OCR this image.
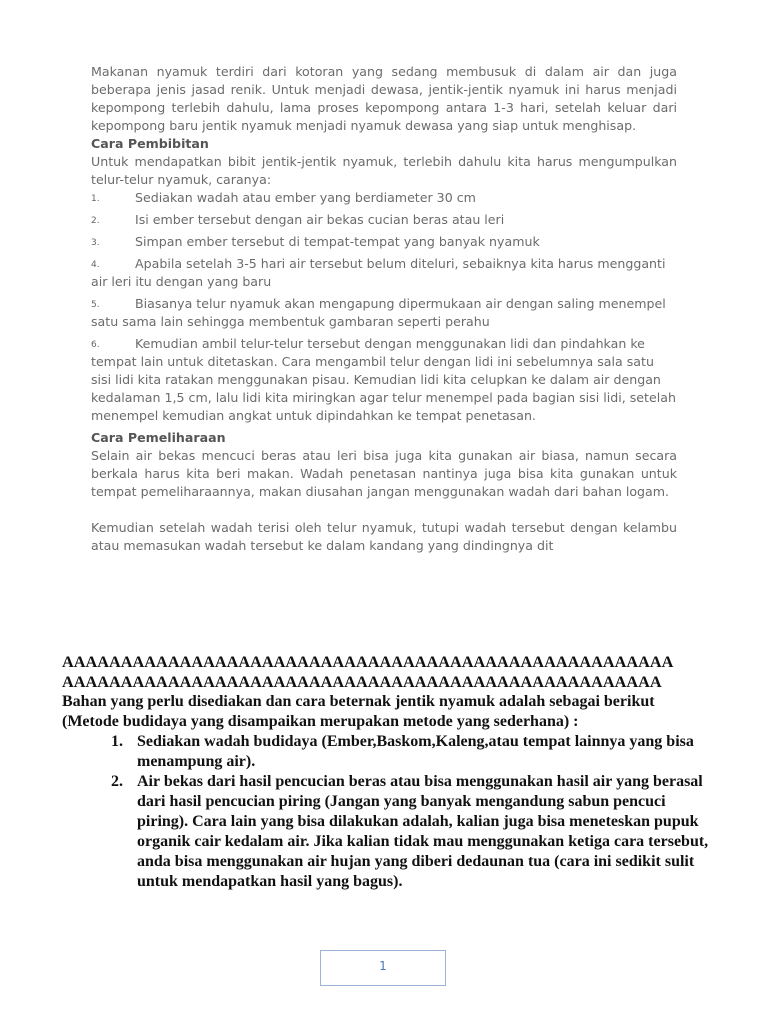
Makanan nyamuk terdiri dari kotoran yang sedang membusuk di dalam air dan juga beberapa jenis jasad renik. Untuk menjadi dewasa, jentik-jentik nyamuk ini harus menjadi kepompong terlebih dahulu, lama proses kepompong antara 1-3 hari, setelah keluar dari kepompong baru jentik nyamuk menjadi nyamuk dewasa yang siap untuk menghisap.

Cara Pembibitan

Untuk mendapatkan bibit jentik-jentik nyamuk, terlebih dahulu kita harus mengumpulkan telur-telur nyamuk, caranya:

1.	Sediakan wadah atau ember yang berdiameter 30 cm
2.	Isi ember tersebut dengan air bekas cucian beras atau leri
3.	Simpan ember tersebut di tempat-tempat yang banyak nyamuk
4.	Apabila setelah 3-5 hari air tersebut belum diteluri, sebaiknya kita harus mengganti air leri itu dengan yang baru
5.	Biasanya telur nyamuk akan mengapung dipermukaan air dengan saling menempel satu sama lain sehingga membentuk gambaran seperti perahu
6.	Kemudian ambil telur-telur tersebut dengan menggunakan lidi dan pindahkan ke tempat lain untuk ditetaskan. Cara mengambil telur dengan lidi ini sebelumnya sala satu sisi lidi kita ratakan menggunakan pisau. Kemudian lidi kita celupkan ke dalam air dengan kedalaman 1,5 cm, lalu lidi kita miringkan agar telur menempel pada bagian sisi lidi, setelah menempel kemudian angkat untuk dipindahkan ke tempat penetasan.

Cara Pemeliharaan

Selain air bekas mencuci beras atau leri bisa juga kita gunakan air biasa, namun secara berkala harus kita beri makan. Wadah penetasan nantinya juga bisa kita gunakan untuk tempat pemeliharaannya, makan diusahan jangan menggunakan wadah dari bahan logam.

Kemudian setelah wadah terisi oleh telur nyamuk, tutupi wadah tersebut dengan kelambu atau memasukan wadah tersebut ke dalam kandang yang dindingnya dit

AAAAAAAAAAAAAAAAAAAAAAAAAAAAAAAAAAAAAAAAAAAAAAAAAAAA
AAAAAAAAAAAAAAAAAAAAAAAAAAAAAAAAAAAAAAAAAAAAAAAAAAA

Bahan yang perlu disediakan dan cara beternak jentik nyamuk adalah sebagai berikut (Metode budidaya yang disampaikan merupakan metode yang sederhana) :

1. Sediakan wadah budidaya (Ember,Baskom,Kaleng,atau tempat lainnya yang bisa menampung air).
2. Air bekas dari hasil pencucian beras atau bisa menggunakan hasil air yang berasal dari hasil pencucian piring (Jangan yang banyak mengandung sabun pencuci piring). Cara lain yang bisa dilakukan adalah, kalian juga bisa meneteskan pupuk organik cair kedalam air. Jika kalian tidak mau menggunakan ketiga cara tersebut, anda bisa menggunakan air hujan yang diberi dedaunan tua (cara ini sedikit sulit untuk mendapatkan hasil yang bagus).
1
